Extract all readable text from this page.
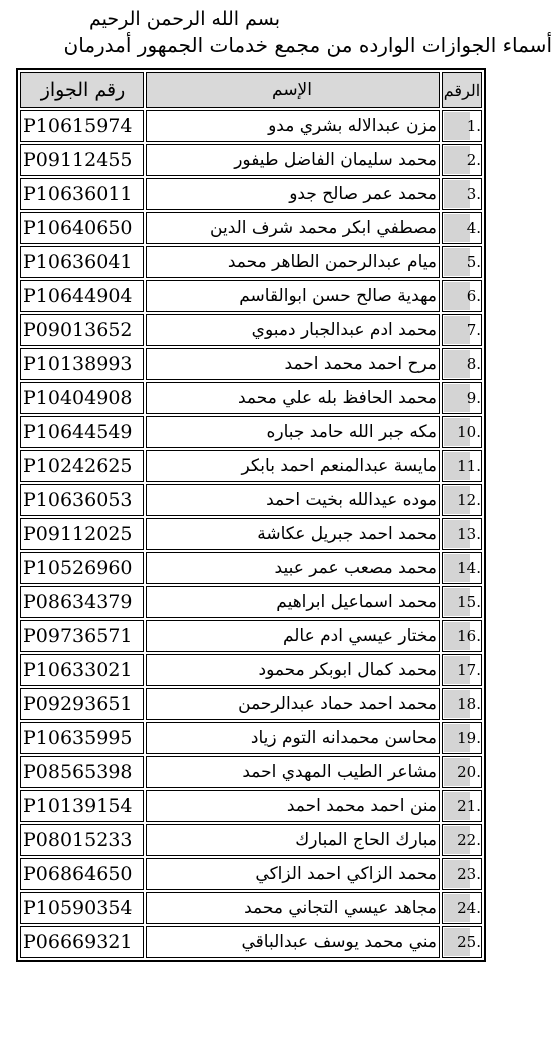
بسم الله الرحمن الرحيم
أسماء الجوازات الوارده من مجمع خدمات الجمهور أمدرمان
رقم الجواز	الإسم	الرقم
P10615974	مزن عبدالاله بشري مدو	1.
P09112455	محمد سليمان الفاضل طيفور	2.
P10636011	محمد عمر صالح جدو	3.
P10640650	مصطفي ابكر محمد شرف الدين	4.
P10636041	ميام عبدالرحمن الطاهر محمد	5.
P10644904	مهدية صالح حسن ابوالقاسم	6.
P09013652	محمد ادم عبدالجبار دمبوي	7.
P10138993	مرح احمد محمد احمد	8.
P10404908	محمد الحافظ بله علي محمد	9.
P10644549	مكه جبر الله حامد جباره	10.
P10242625	مايسة عبدالمنعم احمد بابكر	11.
P10636053	موده عيدالله بخيت احمد	12.
P09112025	محمد احمد جبريل عكاشة	13.
P10526960	محمد مصعب عمر عبيد	14.
P08634379	محمد اسماعيل ابراهيم	15.
P09736571	مختار عيسي ادم عالم	16.
P10633021	محمد كمال ابوبكر محمود	17.
P09293651	محمد احمد حماد عبدالرحمن	18.
P10635995	محاسن محمدانه التوم زياد	19.
P08565398	مشاعر الطيب المهدي احمد	20.
P10139154	منن احمد محمد احمد	21.
P08015233	مبارك الحاج المبارك	22.
P06864650	محمد الزاكي احمد الزاكي	23.
P10590354	مجاهد عيسي التجاني محمد	24.
P06669321	مني محمد يوسف عبدالباقي	25.
